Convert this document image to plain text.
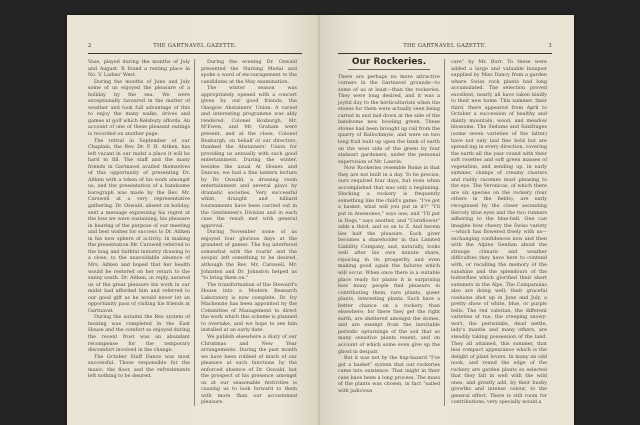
2	THE GARTNAVEL GAZETTE.

Vase, played during the months of July and August. It found a resting place in No. V. Ladies' West.

During the months of June and July some of us enjoyed the pleasure of a holiday by the sea. We were exceptionally favoured in the matter of weather and took full advantage of this to enjoy the many walks, drives and games at golf which Kelsbury affords. An account of one of these pleasant outings is recorded on another page.

The retiral in September of our Chaplain, the Rev. Dr. P. H. Aitken, has left vacant in our midst a place it will be hard to fill. The staff and the many friends in Gartnavel availed themselves of this opportunity of presenting Dr. Aitken with a token of his work amongst us, and the presentation of a handsome barograph was made by the Rev. Mr. Carswell at a very representative gathering. Dr. Oswald, absent on holiday, sent a message expressing his regret at the loss we were sustaining, his pleasure in hearing of the purpose of our meeting and best wishes for success to Dr. Aitken in his new sphere of activity. In making the presentation Mr. Carswell referred to the long and faithful ministry drawing to a close, to the unavoidable absence of Mrs. Aitken and hoped that her health would be restored on her return to the sunny south. Dr. Aitken, in reply, assured us of the great pleasure his work in our midst had afforded him and referred to our good gift as he would never let an opportunity pass of visiting his friends at Gartnavel.

During the autumn the Rex system of heating was completed in the East House and the comfort so enjoyed during the recent frost was an abundant recompense for the temporary discomfort involved in the change.

The October Staff Dance was most successful. Those responsible for the music, the floor, and the refreshments left nothing to be desired.

During the evening Dr. Oswald presented the Nursing Medal and spoke a word of encouragement to the candidates at the May examination.

The winter season was appropriately opened with a concert given by our good friends, the Glasgow Abstainers' Union. A varied and interesting programme was ably rendered. Colonel Roxburgh, Mr. M'Ewen, and Mr. Graham were present, and at the close, Colonel Roxburgh, on behalf of our directors, thanked the Abstainers' Union for providing us annually with such good entertainment. During the winter, besides the usual At Homes and Dances, we had a fine lantern lecture by Dr. Oswald, a drawing room entertainment and several plays by dramatic societies. Very successful whist, draught and billiard tournaments have been carried out in the Gentlemen's Division and in each case the result met with general approval.

During November some of us enjoyed four glorious days at the grandest of games. The fog interfered somewhat with the roarin' and the soopin' left something to be desired, although the Rev. Mr. Carswell, Mr. Johnston and Dr. Johnston helped us "to bring them on."

The transformation of the Steward's House into a Modern Research Laboratory is now complete. Dr. Ivy Mackenzie has been appointed by the Committee of Management to direct the work which this scheme is planned to overtake, and we hope to see him installed at an early date.

We publish elsewhere a diary of our Christmas and New Year arrangements. During the past month we have been robbed of much of our pleasure at such functions by the enforced absence of Dr. Oswald, but the prospect of his presence amongst us at our seasonable festivities is causing us to look forward to them with more than our accustomed pleasure.

THE GARTNAVEL GAZETTE.	3
Our Rockeries.

There are perhaps no more attractive corners in the Gartnavel grounds—to some of us at least—than the rockeries. They were long desired, and it was a joyful day to the horticulturists when the stones for them were actually seen being carted in and laid down at the side of the handsome new bowling green. These stones had been brought up rail from the quarry of Ballochmyle, and were on two long frail built up upon the bank of earth on the west side of the green by four stalwart gardeners, under the personal supervision of Mr. Lawrie.

Now Rockeries resemble Rome in that they are not built in a day. To be precise, ours required four days, but even when accomplished that was only a beginning. Stocking a rockery is frequently something like the child's game: "I've got a basket, what will you put in it?" "I'll put in Anemones," says one; and "I'll put in Dogs," says another, and "Cornflower" adds a third, and so on to Z. And herein lies half the pleasure. Each giver becomes a shareholder in this Limited Liability Company, and, naturally, looks well after his own minute share, rejoicing in its prosperity and even making good again the failures which will occur. When once there is a suitable place ready for plants it is surprising how many people find pleasure in contributing them, rare plants, queer plants, interesting plants. Such have a better chance on a rockery than elsewhere; for there they get the right earth, are sheltered amongst the stones, and are exempt from the inevitable periodic upturnings of the soil that so many sensitive plants resent, and on account of which some even give up the ghost in despair.

But it was not by the hap-hazard "I've got a basket" system that our rockeries came into existence. That might in their case have been a long process. The mass of the plants was chosen, in fact "sailed with judicious

care" by Mr. Barr. To these were added a large and valuable bouquet supplied by Miss Dancy from a garden where Swiss rock plants had long accumulated. The selection proved excellent; nearly all have taken kindly to their new home. This summer, their third, there appeared from April to October a succession of healthy and dainty mountain, wood, and meadow blossoms. The Sedums and Saxifrages (some seven varieties of the latter) have not only laid fine hold but are spread-ing in every direction, covering the earth all the year round with their soft rosettes and soft green masses of vegetation, and sending up, in early summer, clumps of creamy clusters and ruddy racemes most pleasing to the eye. The Veronicas, of which there are six species on the rockery (four others in the fields), are early recognised by the closer ascending fiercely blue eyes and the two runners adhering to the blue-bell. One can imagine how cheery the Swiss variety—which has flowered freely with us—exchanging confidences now and then with the Alpine Gentian about the strange climatic and weather difficulties they have here to contend with, or recalling the memory of the sunshine and the splendours of the butterflies which glorified their short summers in the Alps. The Campanulas also are doing well; their graceful cushions shot up in June and July, a pretty show of white, blue, or purple bells. The red valerian, the different varieties of rue, the creeping snowy-wort, the periwinkle, dead nettle, lady's mantle and many others, are steadily taking possession of the land. They all attained, this summer, that less compact appearance which is the delight of plant lovers. In many an odd nook, and round the edge of the rockery are garden plants so selected that they fall in well with the wild ones, and greatly add, by their bushy growths and intense colour, to the general effect. There is still room for contributions; very specially would a
